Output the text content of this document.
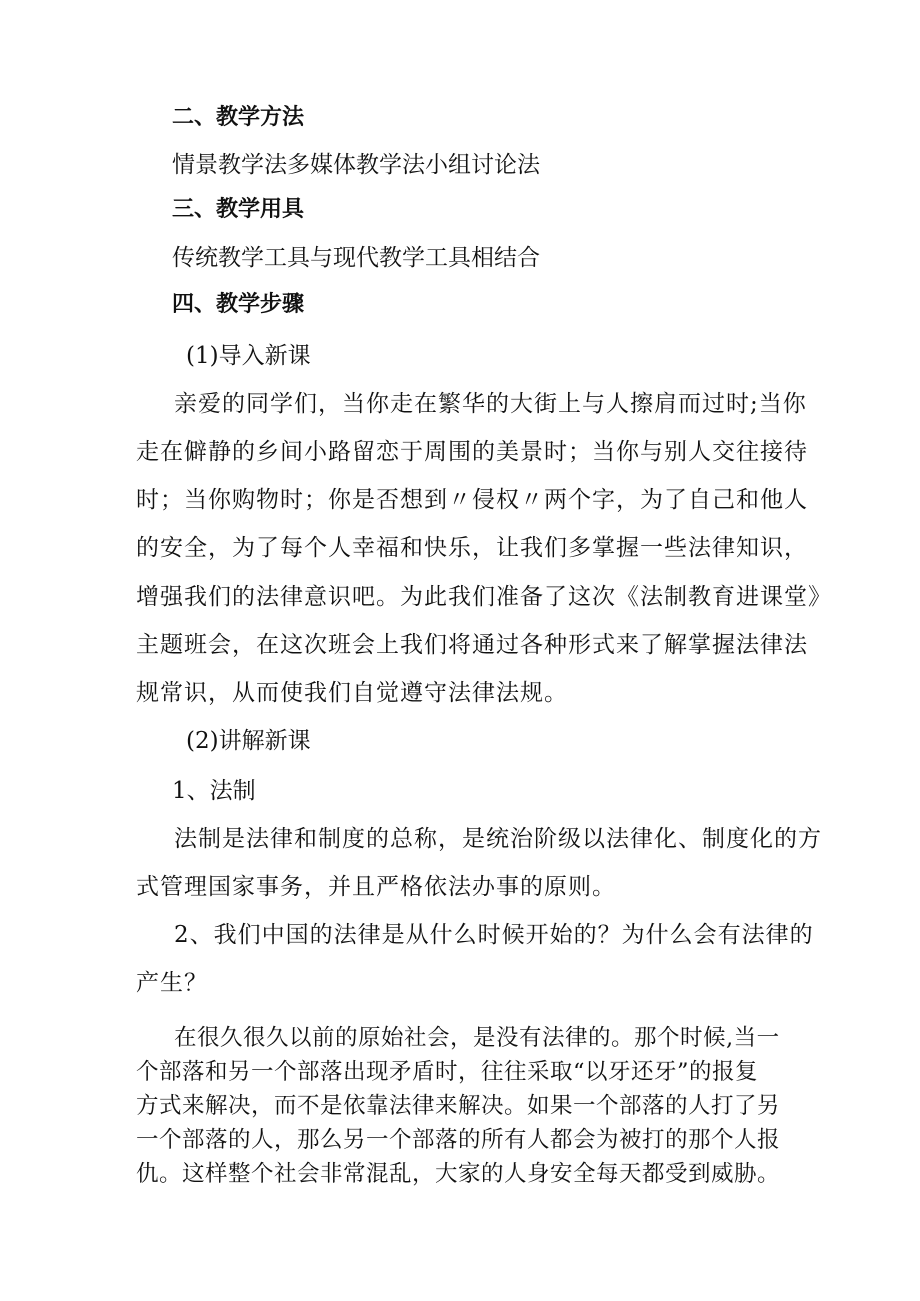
二、教学方法
情景教学法多媒体教学法小组讨论法
三、教学用具
传统教学工具与现代教学工具相结合
四、教学步骤
(1)导入新课
亲爱的同学们，当你走在繁华的大街上与人擦肩而过时;当你
走在僻静的乡间小路留恋于周围的美景时；当你与别人交往接待
时；当你购物时；你是否想到〃侵权〃两个字，为了自己和他人
的安全，为了每个人幸福和快乐，让我们多掌握一些法律知识，
增强我们的法律意识吧。为此我们准备了这次《法制教育进课堂》
主题班会，在这次班会上我们将通过各种形式来了解掌握法律法
规常识，从而使我们自觉遵守法律法规。
(2)讲解新课
1、法制
法制是法律和制度的总称，是统治阶级以法律化、制度化的方
式管理国家事务，并且严格依法办事的原则。
2、我们中国的法律是从什么时候开始的？为什么会有法律的
产生？
在很久很久以前的原始社会，是没有法律的。那个时候,当一
个部落和另一个部落出现矛盾时，往往采取“以牙还牙”的报复
方式来解决，而不是依靠法律来解决。如果一个部落的人打了另
一个部落的人，那么另一个部落的所有人都会为被打的那个人报
仇。这样整个社会非常混乱，大家的人身安全每天都受到威胁。
